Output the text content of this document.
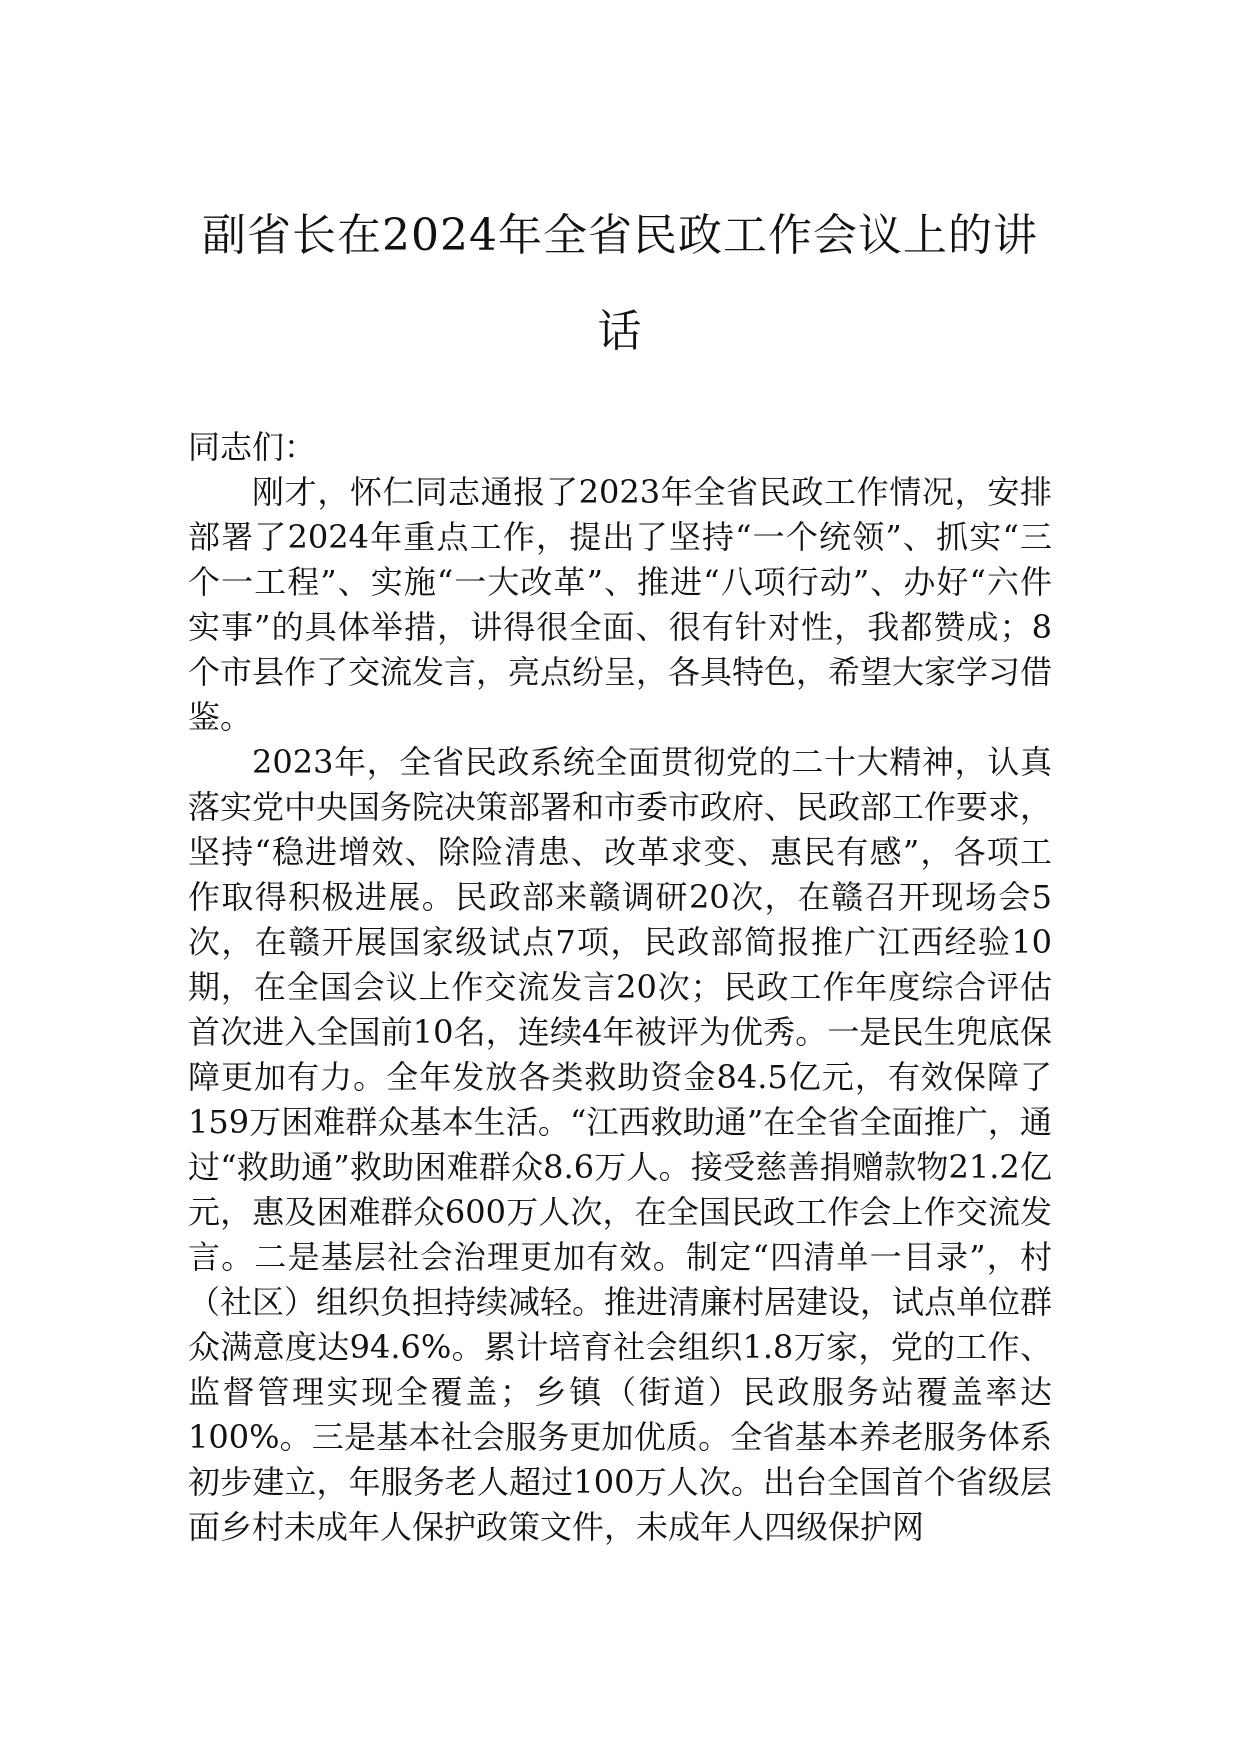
副省长在2024年全省民政工作会议上的讲话

同志们：

刚才，怀仁同志通报了2023年全省民政工作情况，安排部署了2024年重点工作，提出了坚持“一个统领”、抓实“三个一工程”、实施“一大改革”、推进“八项行动”、办好“六件实事”的具体举措，讲得很全面、很有针对性，我都赞成；8个市县作了交流发言，亮点纷呈，各具特色，希望大家学习借鉴。

2023年，全省民政系统全面贯彻党的二十大精神，认真落实党中央国务院决策部署和市委市政府、民政部工作要求，坚持“稳进增效、除险清患、改革求变、惠民有感”，各项工作取得积极进展。民政部来赣调研20次，在赣召开现场会5次，在赣开展国家级试点7项，民政部简报推广江西经验10期，在全国会议上作交流发言20次；民政工作年度综合评估首次进入全国前10名，连续4年被评为优秀。一是民生兜底保障更加有力。全年发放各类救助资金84.5亿元，有效保障了159万困难群众基本生活。“江西救助通”在全省全面推广，通过“救助通”救助困难群众8.6万人。接受慈善捐赠款物21.2亿元，惠及困难群众600万人次，在全国民政工作会上作交流发言。二是基层社会治理更加有效。制定“四清单一目录”，村（社区）组织负担持续减轻。推进清廉村居建设，试点单位群众满意度达94.6%。累计培育社会组织1.8万家，党的工作、监督管理实现全覆盖；乡镇（街道）民政服务站覆盖率达100%。三是基本社会服务更加优质。全省基本养老服务体系初步建立，年服务老人超过100万人次。出台全国首个省级层面乡村未成年人保护政策文件，未成年人四级保护网
